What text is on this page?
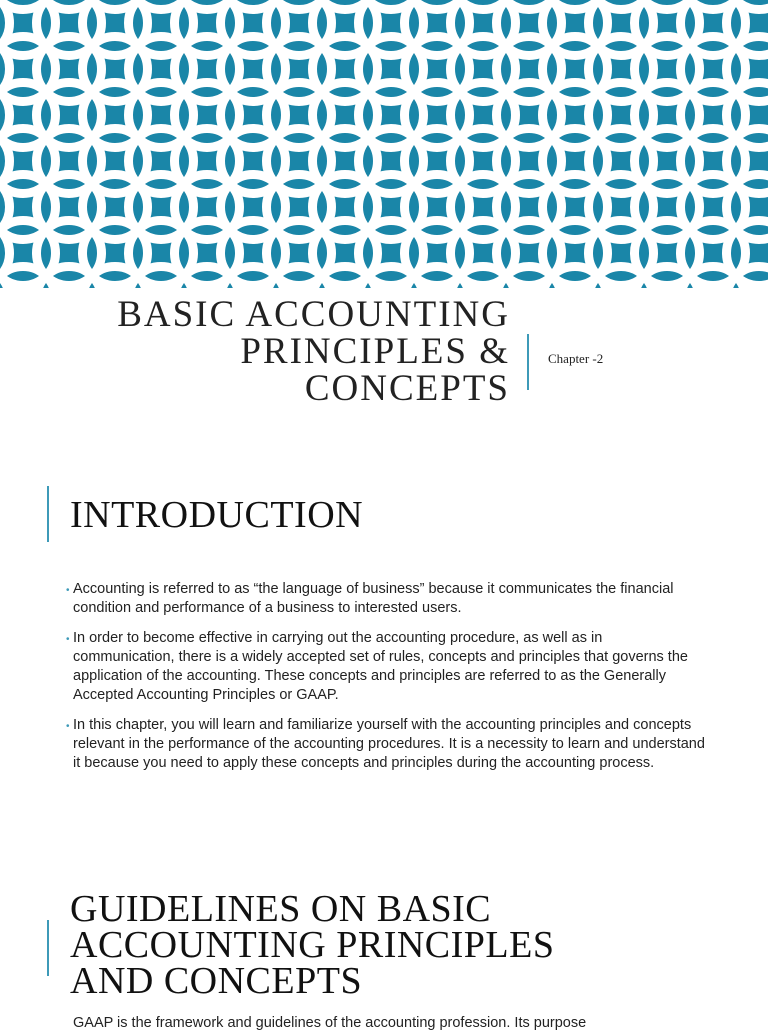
BASIC ACCOUNTING
PRINCIPLES &
CONCEPTS
Chapter -2
INTRODUCTION
• Accounting is referred to as “the language of business” because it communicates the financial condition and performance of a business to interested users.
• In order to become effective in carrying out the accounting procedure, as well as in communication, there is a widely accepted set of rules, concepts and principles that governs the application of the accounting. These concepts and principles are referred to as the Generally Accepted Accounting Principles or GAAP.
• In this chapter, you will learn and familiarize yourself with the accounting principles and concepts relevant in the performance of the accounting procedures. It is a necessity to learn and understand it because you need to apply these concepts and principles during the accounting process.
GUIDELINES ON BASIC
ACCOUNTING PRINCIPLES
AND CONCEPTS
GAAP is the framework and guidelines of the accounting profession. Its purpose
